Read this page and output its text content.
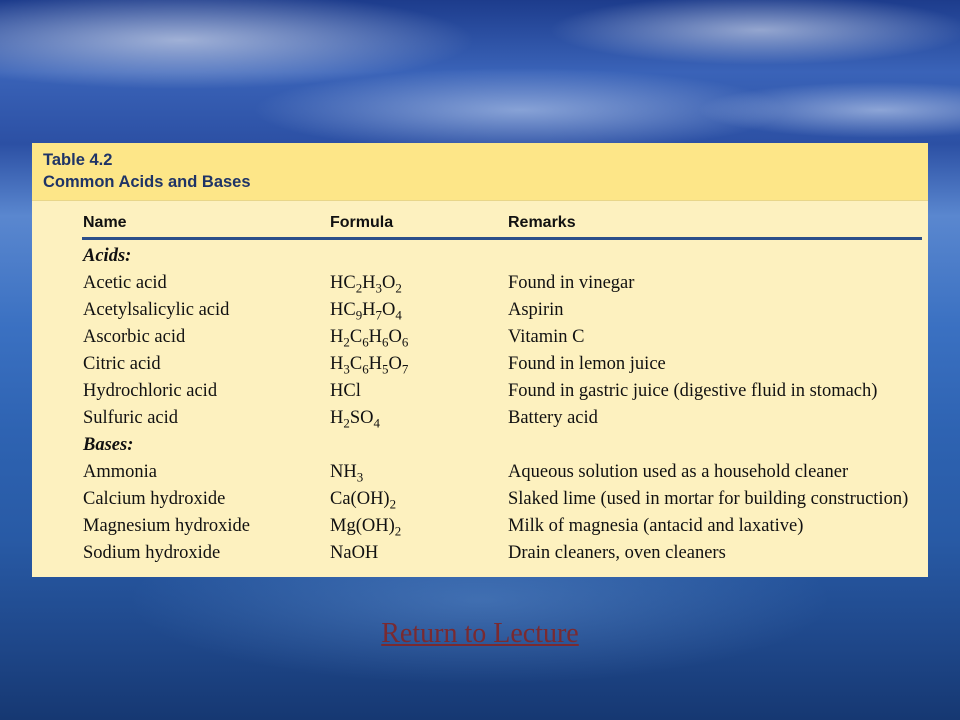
Table 4.2
Common Acids and Bases
Name	Formula	Remarks
Acids:
Acetic acid	$HC_2H_3O_2$	Found in vinegar
Acetylsalicylic acid	$HC_9H_7O_4$	Aspirin
Ascorbic acid	$H_2C_6H_6O_6$	Vitamin C
Citric acid	$H_3C_6H_5O_7$	Found in lemon juice
Hydrochloric acid	HCl	Found in gastric juice (digestive fluid in stomach)
Sulfuric acid	$H_2SO_4$	Battery acid
Bases:
Ammonia	$NH_3$	Aqueous solution used as a household cleaner
Calcium hydroxide	$Ca(OH)_2$	Slaked lime (used in mortar for building construction)
Magnesium hydroxide	$Mg(OH)_2$	Milk of magnesia (antacid and laxative)
Sodium hydroxide	NaOH	Drain cleaners, oven cleaners
Return to Lecture
